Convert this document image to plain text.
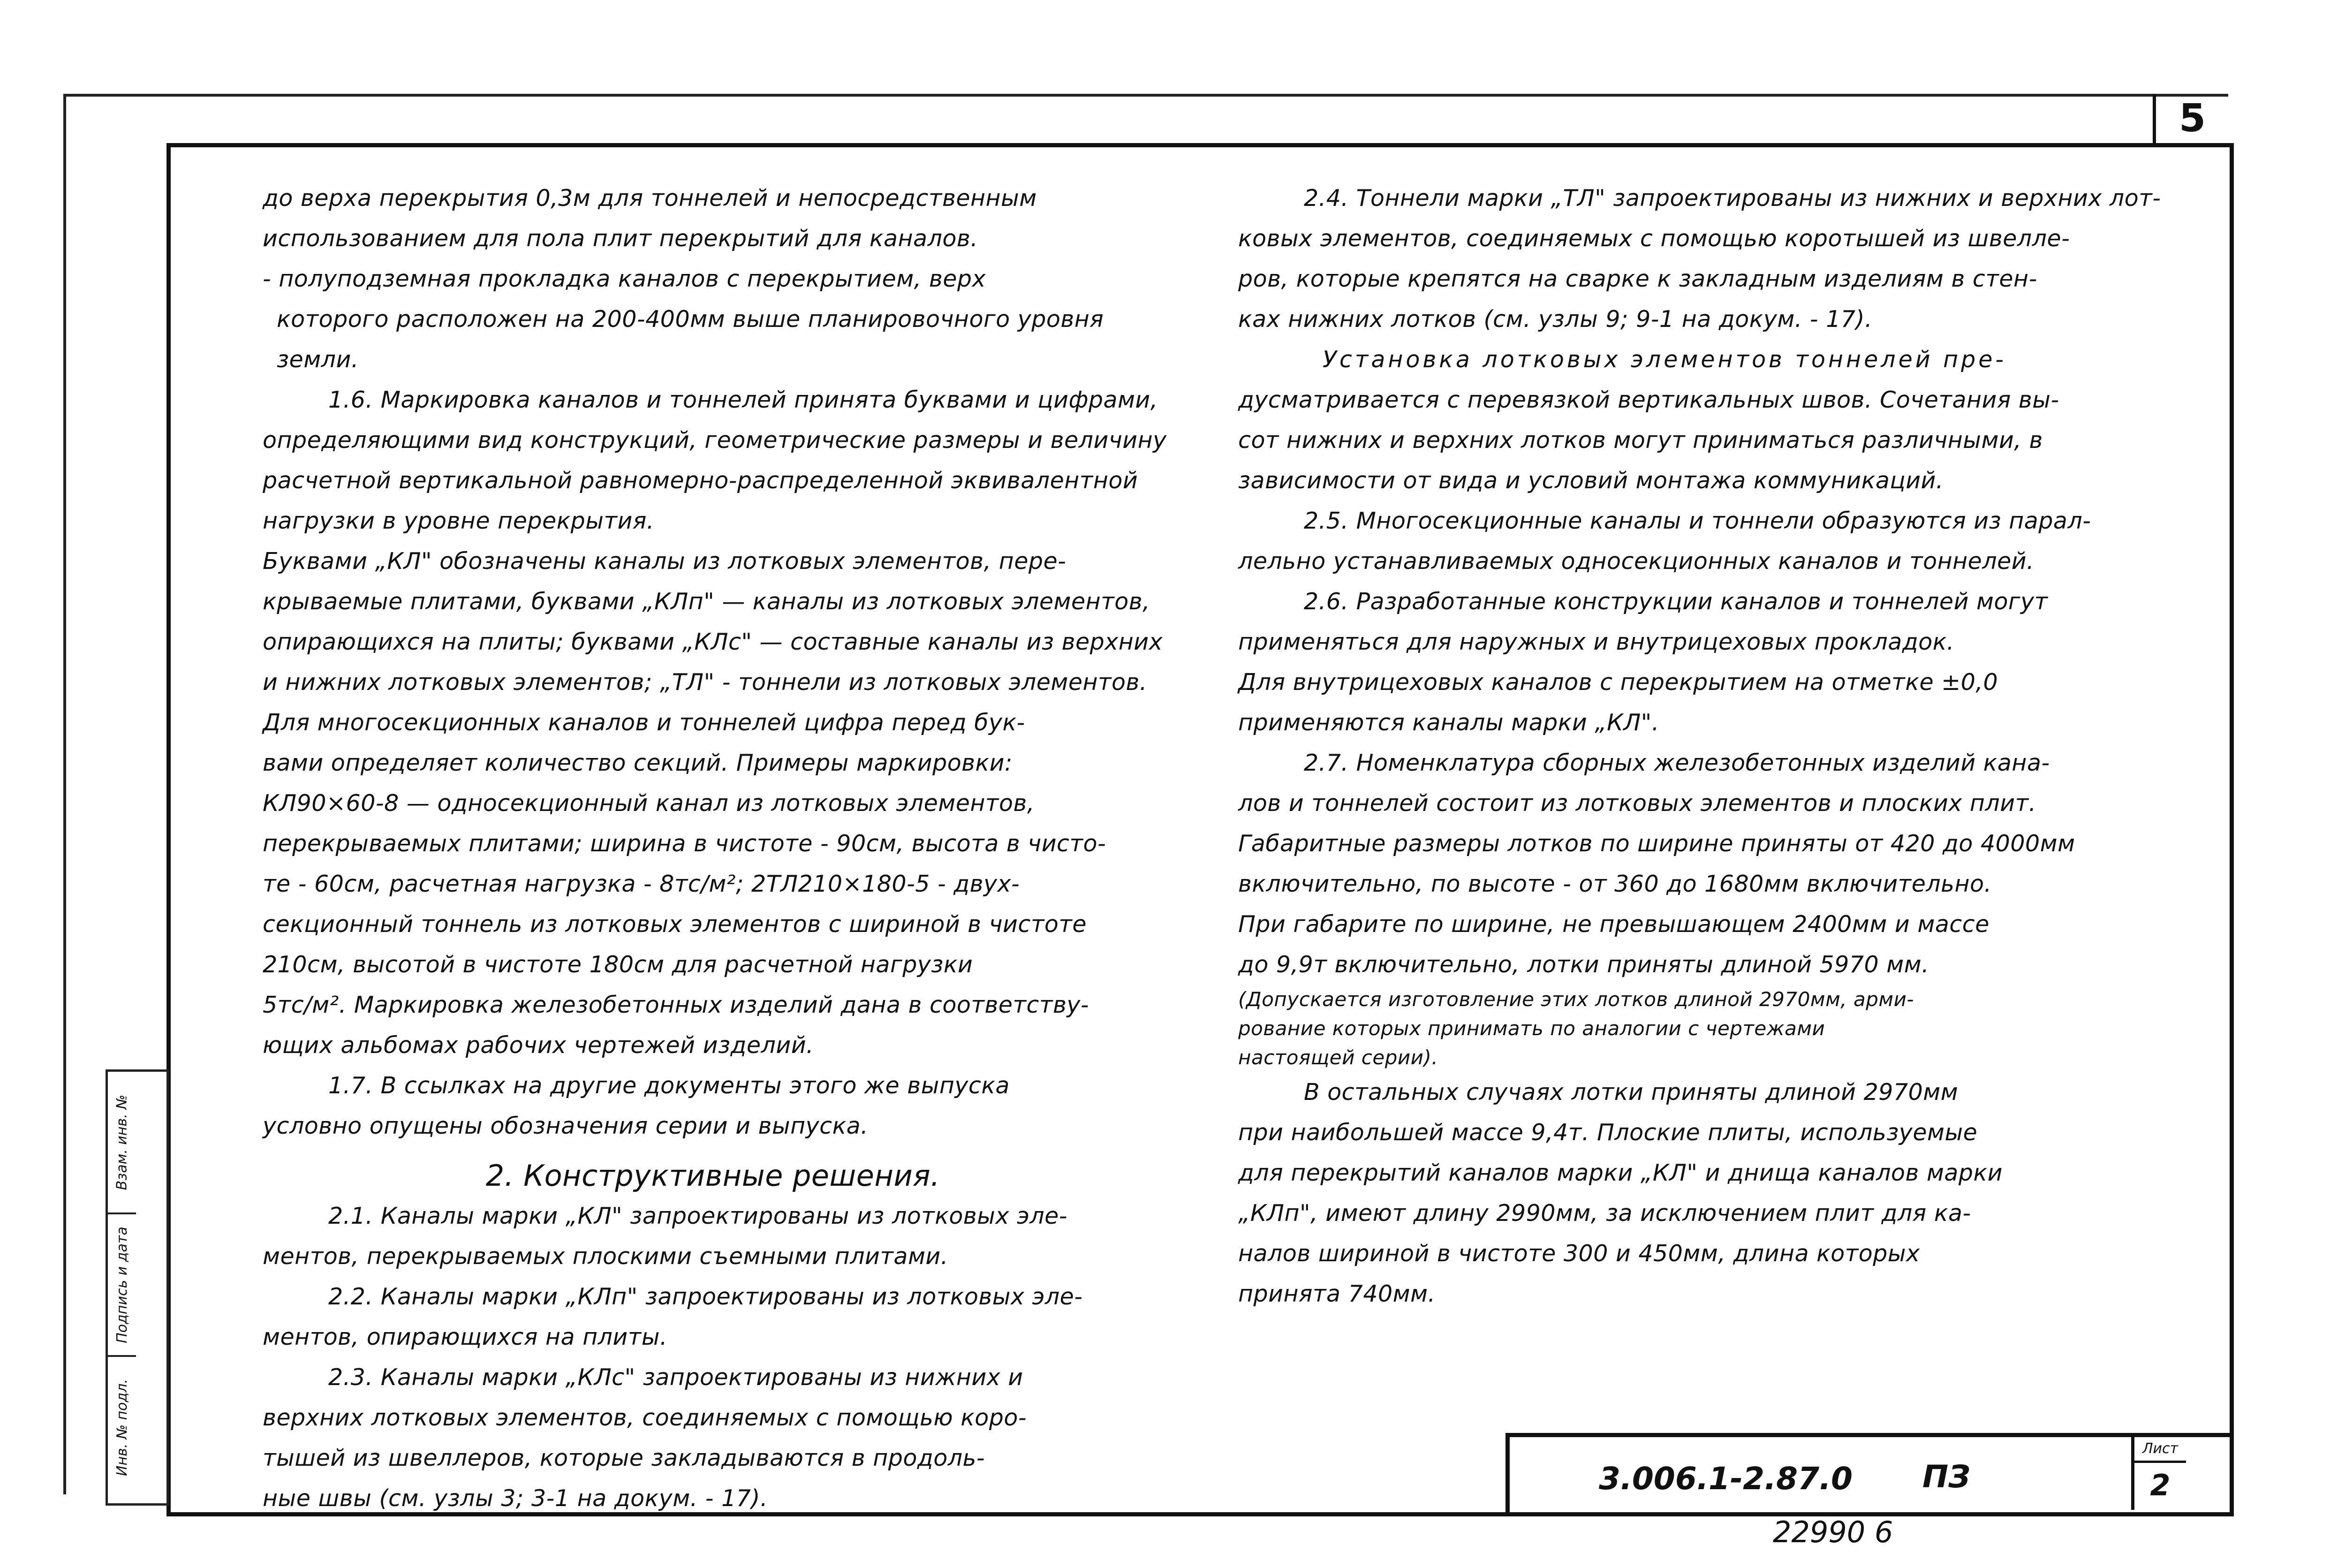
5

до верха перекрытия 0,3м для тоннелей и непосредственным

использованием для пола плит перекрытий для каналов.

- полуподземная прокладка каналов с перекрытием, верх

которого расположен на 200-400мм выше планировочного уровня

земли.

1.6. Маркировка каналов и тоннелей принята буквами и цифрами,

определяющими вид конструкций, геометрические размеры и величину

расчетной вертикальной равномерно-распределенной эквивалентной

нагрузки в уровне перекрытия.

Буквами „КЛ" обозначены каналы из лотковых элементов, пере-

крываемые плитами, буквами „КЛп" — каналы из лотковых элементов,

опирающихся на плиты; буквами „КЛс" — составные каналы из верхних

и нижних лотковых элементов; „ТЛ" - тоннели из лотковых элементов.

Для многосекционных каналов и тоннелей цифра перед бук-

вами определяет количество секций. Примеры маркировки:

КЛ90×60-8 — односекционный канал из лотковых элементов,

перекрываемых плитами; ширина в чистоте - 90см, высота в чисто-

те - 60см, расчетная нагрузка - 8тс/м²; 2ТЛ210×180-5 - двух-

секционный тоннель из лотковых элементов с шириной в чистоте

210см, высотой в чистоте 180см для расчетной нагрузки

5тс/м². Маркировка железобетонных изделий дана в соответству-

ющих альбомах рабочих чертежей изделий.

1.7. В ссылках на другие документы этого же выпуска

условно опущены обозначения серии и выпуска.

2. Конструктивные решения.

2.1. Каналы марки „КЛ" запроектированы из лотковых эле-

ментов, перекрываемых плоскими съемными плитами.

2.2. Каналы марки „КЛп" запроектированы из лотковых эле-

ментов, опирающихся на плиты.

2.3. Каналы марки „КЛс" запроектированы из нижних и

верхних лотковых элементов, соединяемых с помощью коро-

тышей из швеллеров, которые закладываются в продоль-

ные швы (см. узлы 3; 3-1 на докум. - 17).

2.4. Тоннели марки „ТЛ" запроектированы из нижних и верхних лот-

ковых элементов, соединяемых с помощью коротышей из швелле-

ров, которые крепятся на сварке к закладным изделиям в стен-

ках нижних лотков (см. узлы 9; 9-1 на докум. - 17).

Установка лотковых элементов тоннелей пре-

дусматривается с перевязкой вертикальных швов. Сочетания вы-

сот нижних и верхних лотков могут приниматься различными, в

зависимости от вида и условий монтажа коммуникаций.

2.5. Многосекционные каналы и тоннели образуются из парал-

лельно устанавливаемых односекционных каналов и тоннелей.

2.6. Разработанные конструкции каналов и тоннелей могут

применяться для наружных и внутрицеховых прокладок.

Для внутрицеховых каналов с перекрытием на отметке ±0,0

применяются каналы марки „КЛ".

2.7. Номенклатура сборных железобетонных изделий кана-

лов и тоннелей состоит из лотковых элементов и плоских плит.

Габаритные размеры лотков по ширине приняты от 420 до 4000мм

включительно, по высоте - от 360 до 1680мм включительно.

При габарите по ширине, не превышающем 2400мм и массе

до 9,9т включительно, лотки приняты длиной 5970 мм.

(Допускается изготовление этих лотков длиной 2970мм, арми-

рование которых принимать по аналогии с чертежами

настоящей серии).

В остальных случаях лотки приняты длиной 2970мм

при наибольшей массе 9,4т. Плоские плиты, используемые

для перекрытий каналов марки „КЛ" и днища каналов марки

„КЛп", имеют длину 2990мм, за исключением плит для ка-

налов шириной в чистоте 300 и 450мм, длина которых

принята 740мм.

Взам. инв. №
Подпись и дата
Инв. № подл.
3.006.1-2.87.0 ПЗ
Лист
2
22990 6
